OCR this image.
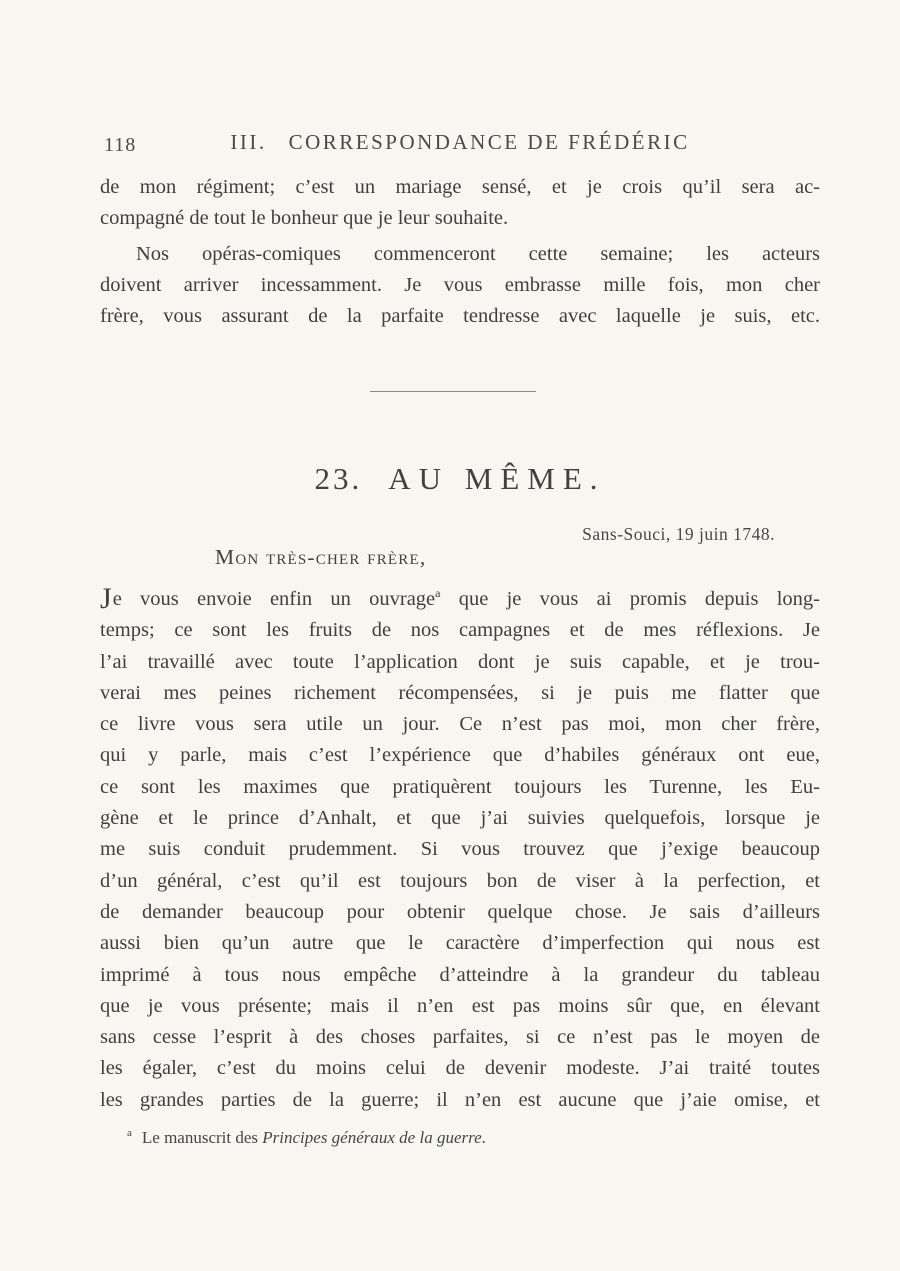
118	III. CORRESPONDANCE DE FRÉDÉRIC
de mon régiment; c’est un mariage sensé, et je crois qu’il sera ac-
compagné de tout le bonheur que je leur souhaite.
Nos opéras-comiques commenceront cette semaine; les acteurs
doivent arriver incessamment. Je vous embrasse mille fois, mon cher
frère, vous assurant de la parfaite tendresse avec laquelle je suis, etc.
23. AU MÊME.
Sans-Souci, 19 juin 1748.
Mon très-cher frère,
Je vous envoie enfin un ouvrage$^a$ que je vous ai promis depuis long-
temps; ce sont les fruits de nos campagnes et de mes réflexions. Je
l’ai travaillé avec toute l’application dont je suis capable, et je trou-
verai mes peines richement récompensées, si je puis me flatter que
ce livre vous sera utile un jour. Ce n’est pas moi, mon cher frère,
qui y parle, mais c’est l’expérience que d’habiles généraux ont eue,
ce sont les maximes que pratiquèrent toujours les Turenne, les Eu-
gène et le prince d’Anhalt, et que j’ai suivies quelquefois, lorsque je
me suis conduit prudemment. Si vous trouvez que j’exige beaucoup
d’un général, c’est qu’il est toujours bon de viser à la perfection, et
de demander beaucoup pour obtenir quelque chose. Je sais d’ailleurs
aussi bien qu’un autre que le caractère d’imperfection qui nous est
imprimé à tous nous empêche d’atteindre à la grandeur du tableau
que je vous présente; mais il n’en est pas moins sûr que, en élevant
sans cesse l’esprit à des choses parfaites, si ce n’est pas le moyen de
les égaler, c’est du moins celui de devenir modeste. J’ai traité toutes
les grandes parties de la guerre; il n’en est aucune que j’aie omise, et
$^a$ Le manuscrit des Principes généraux de la guerre.
